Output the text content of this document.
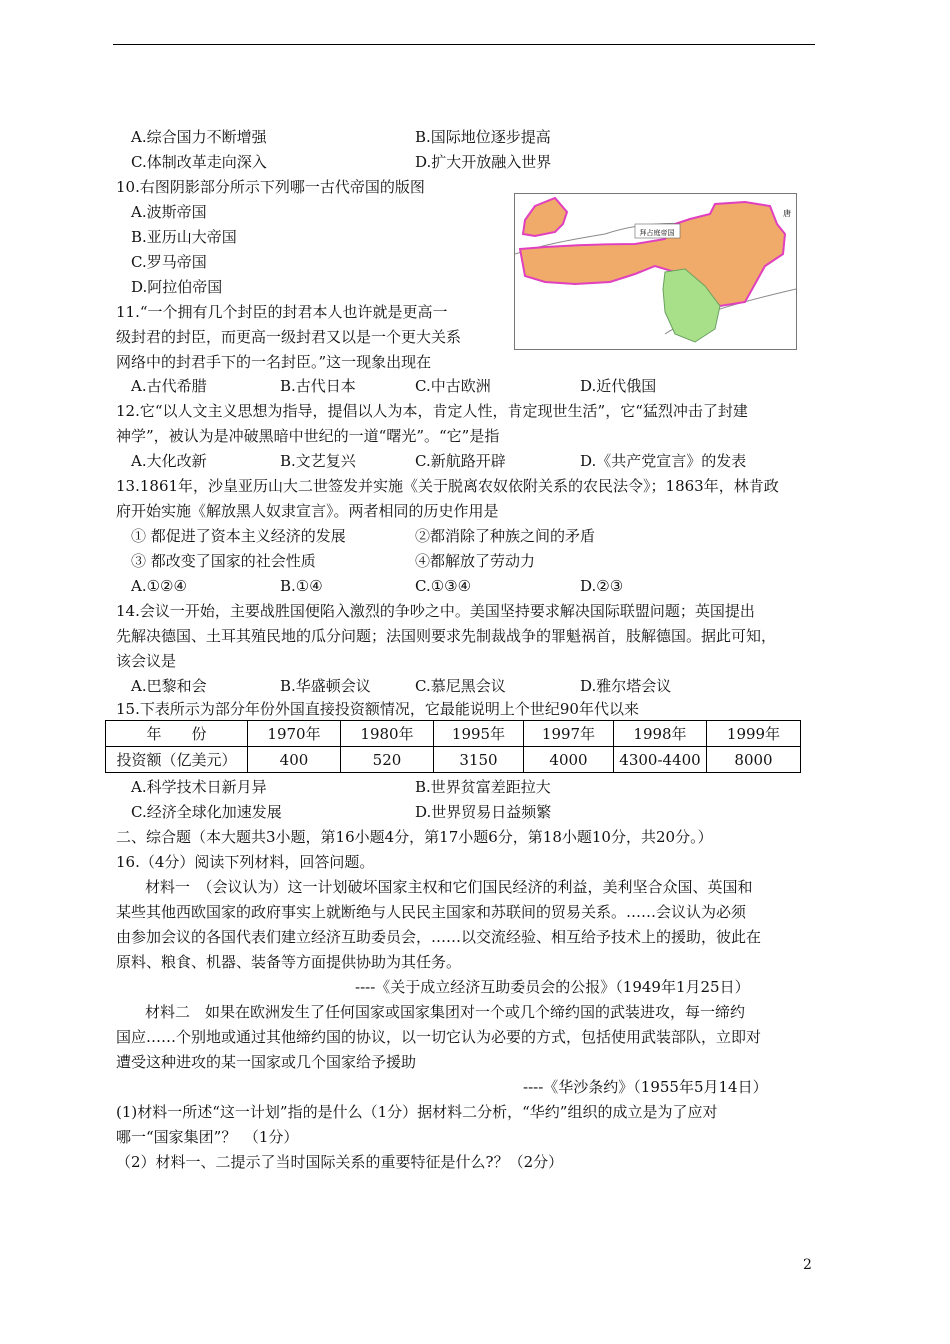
A.综合国力不断增强	B.国际地位逐步提高
C.体制改革走向深入	D.扩大开放融入世界
10.右图阴影部分所示下列哪一古代帝国的版图
A.波斯帝国
B.亚历山大帝国
C.罗马帝国
D.阿拉伯帝国
拜占庭帝国
唐
11.“一个拥有几个封臣的封君本人也许就是更高一
级封君的封臣，而更高一级封君又以是一个更大关系
网络中的封君手下的一名封臣。”这一现象出现在
A.古代希腊	B.古代日本	C.中古欧洲	D.近代俄国
12.它“以人文主义思想为指导，提倡以人为本，肯定人性，肯定现世生活”，它“猛烈冲击了封建
神学”，被认为是冲破黑暗中世纪的一道“曙光”。“它”是指
A.大化改新	B.文艺复兴	C.新航路开辟	D.《共产党宣言》的发表
13.1861年，沙皇亚历山大二世签发并实施《关于脱离农奴依附关系的农民法令》；1863年，林肯政
府开始实施《解放黑人奴隶宣言》。两者相同的历史作用是
① 都促进了资本主义经济的发展	②都消除了种族之间的矛盾
③ 都改变了国家的社会性质	④都解放了劳动力
A.①②④	B.①④	C.①③④	D.②③
14.会议一开始，主要战胜国便陷入激烈的争吵之中。美国坚持要求解决国际联盟问题；英国提出
先解决德国、土耳其殖民地的瓜分问题；法国则要求先制裁战争的罪魁祸首，肢解德国。据此可知，
该会议是
A.巴黎和会	B.华盛顿会议	C.慕尼黑会议	D.雅尔塔会议
15.下表所示为部分年份外国直接投资额情况，它最能说明上个世纪90年代以来
年　　份	1970年	1980年	1995年	1997年	1998年	1999年
投资额（亿美元）	400	520	3150	4000	4300-4400	8000
A.科学技术日新月异	B.世界贫富差距拉大
C.经济全球化加速发展	D.世界贸易日益频繁
二、综合题（本大题共3小题，第16小题4分，第17小题6分，第18小题10分，共20分。）
16.（4分）阅读下列材料，回答问题。
材料一　（会议认为）这一计划破坏国家主权和它们国民经济的利益，美利坚合众国、英国和
某些其他西欧国家的政府事实上就断绝与人民民主国家和苏联间的贸易关系。……会议认为必须
由参加会议的各国代表们建立经济互助委员会，……以交流经验、相互给予技术上的援助，彼此在
原料、粮食、机器、装备等方面提供协助为其任务。
----《关于成立经济互助委员会的公报》（1949年1月25日）
材料二　如果在欧洲发生了任何国家或国家集团对一个或几个缔约国的武装进攻，每一缔约
国应……个别地或通过其他缔约国的协议，以一切它认为必要的方式，包括使用武装部队，立即对
遭受这种进攻的某一国家或几个国家给予援助
----《华沙条约》（1955年5月14日）
(1)材料一所述“这一计划”指的是什么（1分）据材料二分析，“华约”组织的成立是为了应对
哪一“国家集团”？　（1分）
（2）材料一、二提示了当时国际关系的重要特征是什么?？（2分）
2
